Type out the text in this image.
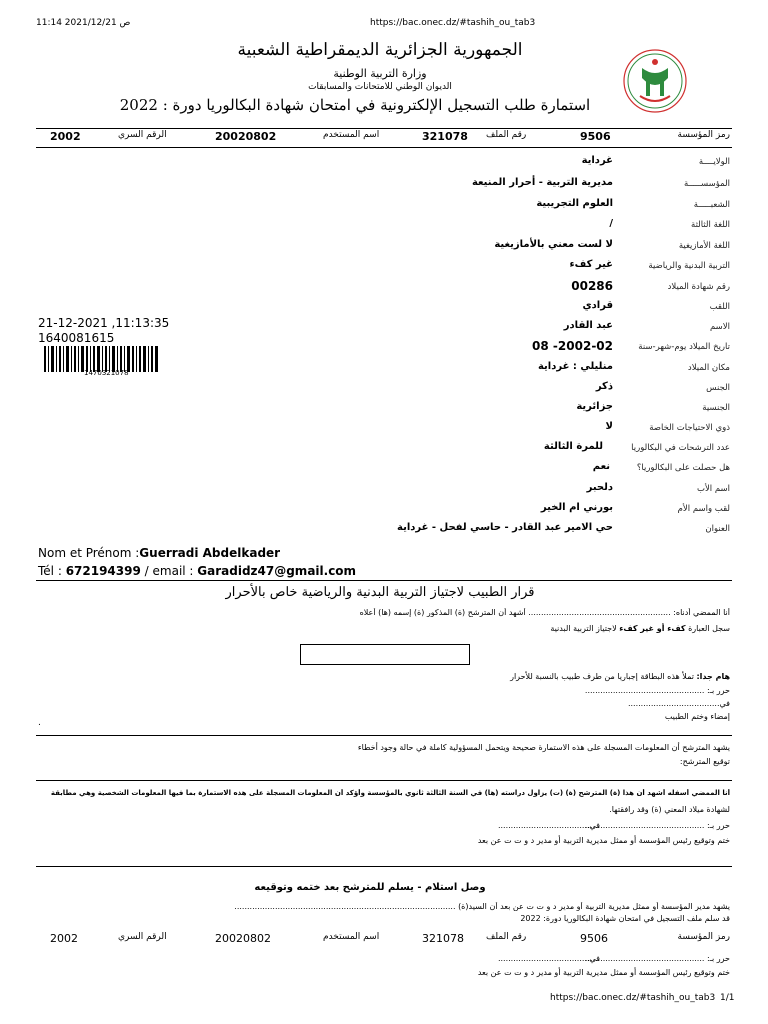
11:14 2021/12/21 ص	https://bac.onec.dz/#tashih_ou_tab3
الجمهورية الجزائرية الديمقراطية الشعبية
وزارة التربية الوطنية
الديوان الوطني للامتحانات والمسابقات
استمارة طلب التسجيل الإلكترونية في امتحان شهادة البكالوريا دورة : 2022
رمز المؤسسة
9506
رقم الملف
321078
اسم المستخدم
20020802
الرقم السري
2002
الولايــــة
غرداية
المؤسســـــة
مديرية التربية - أحرار المنيعة
الشعبـــــة
العلوم التجريبية
اللغة الثالثة
/
اللغة الأمازيغية
لا لست معني بالأمازيغية
التربية البدنية والرياضية
غير كفء
رقم شهادة الميلاد
00286
اللقب
قرادي
الاسم
عبد القادر
تاريخ الميلاد يوم-شهر-سنة
2002-02- 08
مكان الميلاد
منليلي : غرداية
الجنس
ذكر
الجنسية
جزائرية
ذوي الاحتياجات الخاصة
لا
عدد الترشحات في البكالوريا
للمرة الثالثة
هل حصلت على البكالوريا؟
نعم
اسم الأب
دلحبر
لقب واسم الأم
بورني ام الخير
العنوان
حي الامير عبد القادر - حاسي لفحل - غرداية
21-12-2021 ,11:13:35
1640081615
1470321078
Nom et Prénom :Guerradi Abdelkader
Tél : 672194399 / email : Garadidz47@gmail.com
قرار الطبيب لاجتياز التربية البدنية والرياضية خاص بالأحرار
أنا الممضي أدناه: ........................................................ أشهد أن المترشح (ة) المذكور (ة) إسمه (ها) أعلاه
سجل العبارة كفء أو غير كفء لاجتياز التربية البدنية
هام جدا: تملأ هذه البطاقة إجباريا من طرف طبيب بالنسبة للأحرار
حرر بـ: ...............................................
في....................................
إمضاء وختم الطبيب
.
يشهد المترشح أن المعلومات المسجلة على هذه الاستمارة صحيحة ويتحمل المسؤولية كاملة في حالة وجود أخطاء
توقيع المترشح:
أنا الممضي أسفله أشهد أن هذا (ة) المترشح (ة) (ت) يزاول دراسته (ها) في السنة الثالثة ثانوي بالمؤسسة وأؤكد أن المعلومات المسجلة على هذه الاستمارة بما فيها المعلومات الشخصية وهي مطابقة
لشهادة ميلاد المعني (ة) وقد رافقتها.
حرر بـ: ...............................................
في....................................
ختم وتوقيع رئيس المؤسسة أو ممثل مديرية التربية أو مدير د و ت ت عن بعد
وصل استلام - يسلم للمترشح بعد ختمه وتوقيعه
يشهد مدير المؤسسة أو ممثل مديرية التربية أو مدير د و ت ت عن بعد أن السيد(ة) .......................................................................................
قد سلم ملف التسجيل في امتحان شهادة البكالوريا دورة: 2022
رمز المؤسسة
9506
رقم الملف
321078
اسم المستخدم
20020802
الرقم السري
2002
حرر بـ: ...............................................
في....................................
ختم وتوقيع رئيس المؤسسة أو ممثل مديرية التربية أو مدير د و ت ت عن بعد
https://bac.onec.dz/#tashih_ou_tab3 1/1
